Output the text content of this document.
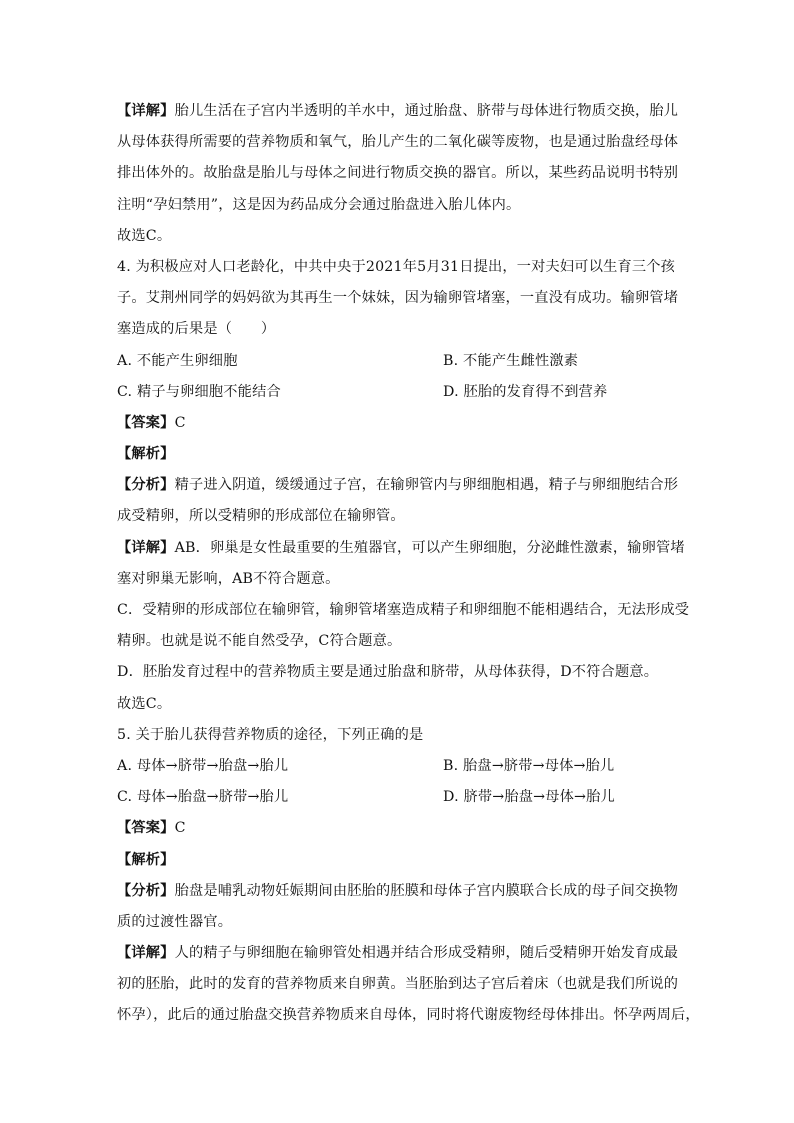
【详解】胎儿生活在子宫内半透明的羊水中，通过胎盘、脐带与母体进行物质交换，胎儿
从母体获得所需要的营养物质和氧气，胎儿产生的二氧化碳等废物，也是通过胎盘经母体
排出体外的。故胎盘是胎儿与母体之间进行物质交换的器官。所以，某些药品说明书特别
注明“孕妇禁用”，这是因为药品成分会通过胎盘进入胎儿体内。
故选C。
4. 为积极应对人口老龄化，中共中央于2021年5月31日提出，一对夫妇可以生育三个孩
子。艾荆州同学的妈妈欲为其再生一个妹妹，因为输卵管堵塞，一直没有成功。输卵管堵
塞造成的后果是（　　）
A. 不能产生卵细胞	B. 不能产生雌性激素
C. 精子与卵细胞不能结合	D. 胚胎的发育得不到营养
【答案】C
【解析】
【分析】精子进入阴道，缓缓通过子宫，在输卵管内与卵细胞相遇，精子与卵细胞结合形
成受精卵，所以受精卵的形成部位在输卵管。
【详解】AB．卵巢是女性最重要的生殖器官，可以产生卵细胞，分泌雌性激素，输卵管堵
塞对卵巢无影响，AB不符合题意。
C．受精卵的形成部位在输卵管，输卵管堵塞造成精子和卵细胞不能相遇结合，无法形成受
精卵。也就是说不能自然受孕，C符合题意。
D．胚胎发育过程中的营养物质主要是通过胎盘和脐带，从母体获得，D不符合题意。
故选C。
5. 关于胎儿获得营养物质的途径，下列正确的是
A. 母体→脐带→胎盘→胎儿	B. 胎盘→脐带→母体→胎儿
C. 母体→胎盘→脐带→胎儿	D. 脐带→胎盘→母体→胎儿
【答案】C
【解析】
【分析】胎盘是哺乳动物妊娠期间由胚胎的胚膜和母体子宫内膜联合长成的母子间交换物
质的过渡性器官。
【详解】人的精子与卵细胞在输卵管处相遇并结合形成受精卵，随后受精卵开始发育成最
初的胚胎，此时的发育的营养物质来自卵黄。当胚胎到达子宫后着床（也就是我们所说的
怀孕），此后的通过胎盘交换营养物质来自母体，同时将代谢废物经母体排出。怀孕两周后，
